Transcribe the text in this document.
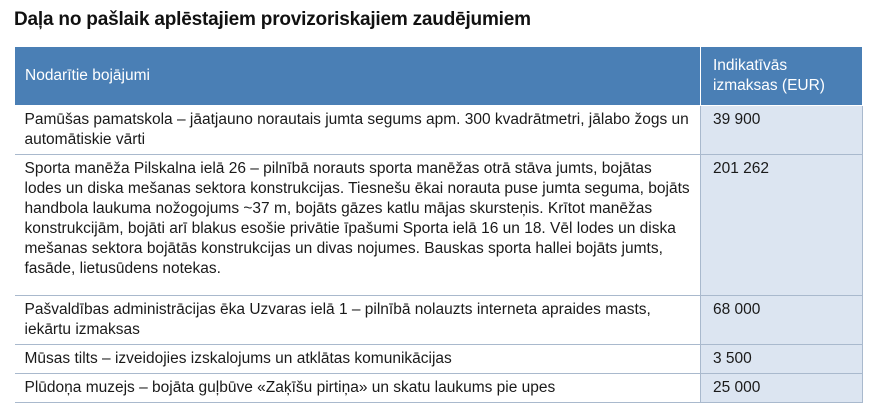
Daļa no pašlaik aplēstajiem provizoriskajiem zaudējumiem
Nodarītie bojājumi	Indikatīvās
izmaksas (EUR)
Pamūšas pamatskola – jāatjauno norautais jumta segums apm. 300 kvadrātmetri, jālabo žogs un automātiskie vārti	39 900
Sporta manēža Pilskalna ielā 26 – pilnībā norauts sporta manēžas otrā stāva jumts, bojātas lodes un diska mešanas sektora konstrukcijas. Tiesnešu ēkai norauta puse jumta seguma, bojāts handbola laukuma nožogojums ~37 m, bojāts gāzes katlu mājas skursteņis. Krītot manēžas konstrukcijām, bojāti arī blakus esošie privātie īpašumi Sporta ielā 16 un 18. Vēl lodes un diska mešanas sektora bojātās konstrukcijas un divas nojumes. Bauskas sporta hallei bojāts jumts, fasāde, lietusūdens notekas.	201 262
Pašvaldības administrācijas ēka Uzvaras ielā 1 – pilnībā nolauzts interneta apraides masts, iekārtu izmaksas	68 000
Mūsas tilts – izveidojies izskalojums un atklātas komunikācijas	3 500
Plūdoņa muzejs – bojāta guļbūve «Zaķīšu pirtiņa» un skatu laukums pie upes	25 000
